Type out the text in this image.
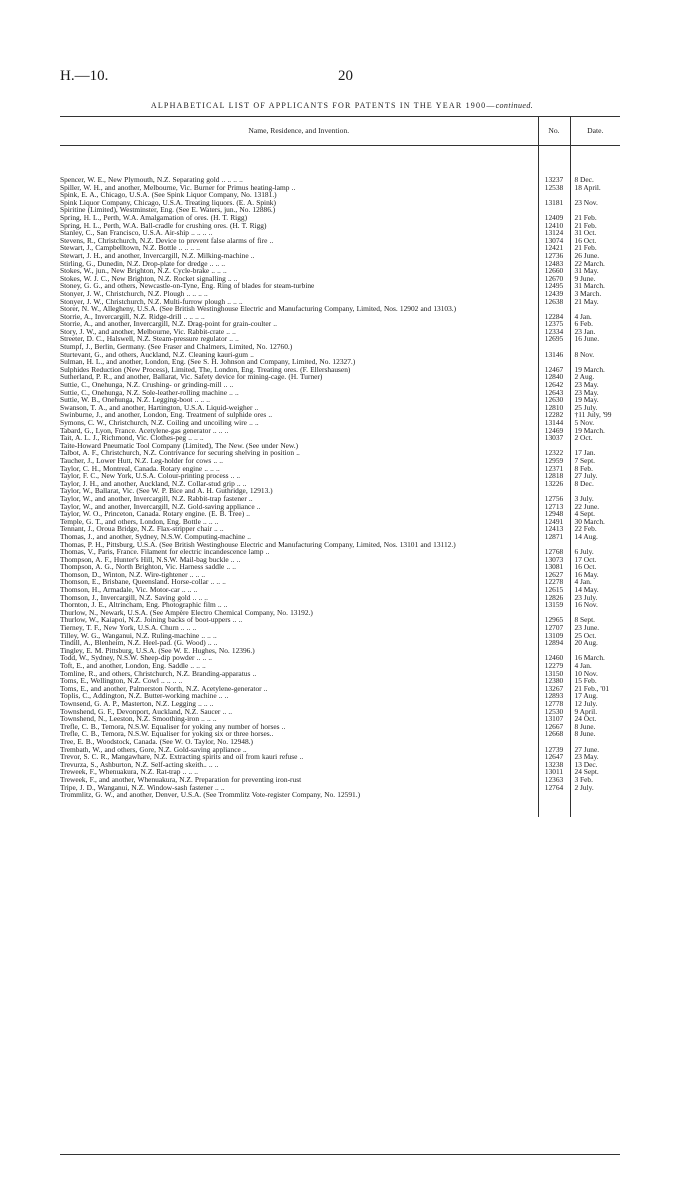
H.—10.	20
ALPHABETICAL LIST OF APPLICANTS FOR PATENTS IN THE YEAR 1900—continued.
Name, Residence, and Invention.	No.	Date.

Spencer, W. E., New Plymouth, N.Z. Separating gold .. .. .. ..	13237	8 Dec.
Spiller, W. H., and another, Melbourne, Vic. Burner for Primus heating-lamp ..	12538	18 April.
Spink, E. A., Chicago, U.S.A. (See Spink Liquor Company, No. 13181.)		
Spink Liquor Company, Chicago, U.S.A. Treating liquors. (E. A. Spink)	13181	23 Nov.
Spiritine (Limited), Westminster, Eng. (See E. Waters, jun., No. 12886.)		
Spring, H. L., Perth, W.A. Amalgamation of ores. (H. T. Rigg)	12409	21 Feb.
Spring, H. L., Perth, W.A. Ball-cradle for crushing ores. (H. T. Rigg)	12410	21 Feb.
Stanley, C., San Francisco, U.S.A. Air-ship .. .. .. ..	13124	31 Oct.
Stevens, R., Christchurch, N.Z. Device to prevent false alarms of fire ..	13074	16 Oct.
Stewart, J., Campbelltown, N.Z. Bottle .. .. .. ..	12421	21 Feb.
Stewart, J. H., and another, Invercargill, N.Z. Milking-machine ..	12736	26 June.
Stirling, G., Dunedin, N.Z. Drop-plate for dredge .. .. ..	12483	22 March.
Stokes, W., jun., New Brighton, N.Z. Cycle-brake .. .. ..	12660	31 May.
Stokes, W. J. C., New Brighton, N.Z. Rocket signalling .. ..	12670	9 June.
Stoney, G. G., and others, Newcastle-on-Tyne, Eng. Ring of blades for steam-turbine	12495	31 March.
Stonyer, J. W., Christchurch, N.Z. Plough .. .. .. ..	12439	3 March.
Stonyer, J. W., Christchurch, N.Z. Multi-furrow plough .. .. ..	12638	21 May.
Storer, N. W., Allegheny, U.S.A. (See British Westinghouse Electric and Manufacturing Company, Limited, Nos. 12902 and 13103.)		
Storrie, A., Invercargill, N.Z. Ridge-drill .. .. .. ..	12284	4 Jan.
Storrie, A., and another, Invercargill, N.Z. Drag-point for grain-coulter ..	12375	6 Feb.
Story, J. W., and another, Melbourne, Vic. Rabbit-crate .. ..	12334	23 Jan.
Streeter, D. C., Halswell, N.Z. Steam-pressure regulator .. ..	12695	16 June.
Stumpf, J., Berlin, Germany. (See Fraser and Chalmers, Limited, No. 12760.)		
Sturtevant, G., and others, Auckland, N.Z. Cleaning kauri-gum ..	13146	8 Nov.
Sulman, H. L., and another, London, Eng. (See S. H. Johnson and Company, Limited, No. 12327.)		
Sulphides Reduction (New Process), Limited, The, London, Eng. Treating ores. (F. Ellershausen)	12467	19 March.
Sutherland, P. R., and another, Ballarat, Vic. Safety device for mining-cage. (H. Turner)	12840	2 Aug.
Suttie, C., Onehunga, N.Z. Crushing- or grinding-mill .. ..	12642	23 May.
Suttie, C., Onehunga, N.Z. Sole-leather-rolling machine .. ..	12643	23 May.
Suttie, W. B., Onehunga, N.Z. Legging-boot .. .. ..	12630	19 May.
Swanson, T. A., and another, Hartington, U.S.A. Liquid-weigher ..	12810	25 July.
Swinburne, J., and another, London, Eng. Treatment of sulphide ores ..	12282	†11 July, '99
Symons, C. W., Christchurch, N.Z. Coiling and uncoiling wire .. ..	13144	5 Nov.
Tabard, G., Lyon, France. Acetylene-gas generator .. .. ..	12469	19 March.
Tait, A. L. J., Richmond, Vic. Clothes-peg .. .. ..	13037	2 Oct.
Taite-Howard Pneumatic Tool Company (Limited), The New. (See under New.)		
Talbot, A. F., Christchurch, N.Z. Contrivance for securing shelving in position ..	12322	17 Jan.
Taucher, J., Lower Hutt, N.Z. Leg-holder for cows .. ..	12959	7 Sept.
Taylor, C. H., Montreal, Canada. Rotary engine .. .. ..	12371	8 Feb.
Taylor, F. C., New York, U.S.A. Colour-printing process .. ..	12818	27 July.
Taylor, J. H., and another, Auckland, N.Z. Collar-stud grip .. ..	13226	8 Dec.
Taylor, W., Ballarat, Vic. (See W. P. Bice and A. H. Guthridge, 12913.)		
Taylor, W., and another, Invercargill, N.Z. Rabbit-trap fastener ..	12756	3 July.
Taylor, W., and another, Invercargill, N.Z. Gold-saving appliance ..	12713	22 June.
Taylor, W. O., Princeton, Canada. Rotary engine. (E. B. Tree) ..	12948	4 Sept.
Temple, G. T., and others, London, Eng. Bottle .. .. ..	12491	30 March.
Tennant, J., Oroua Bridge, N.Z. Flax-stripper chair .. ..	12413	22 Feb.
Thomas, J., and another, Sydney, N.S.W. Computing-machine ..	12871	14 Aug.
Thomas, P. H., Pittsburg, U.S.A. (See British Westinghouse Electric and Manufacturing Company, Limited, Nos. 13101 and 13112.)		
Thomas, V., Paris, France. Filament for electric incandescence lamp ..	12768	6 July.
Thompson, A. F., Hunter's Hill, N.S.W. Mail-bag buckle .. ..	13073	17 Oct.
Thompson, A. G., North Brighton, Vic. Harness saddle .. ..	13081	16 Oct.
Thomson, D., Winton, N.Z. Wire-tightener .. .. ..	12627	16 May.
Thomson, E., Brisbane, Queensland. Horse-collar .. .. ..	12278	4 Jan.
Thomson, H., Armadale, Vic. Motor-car .. .. ..	12615	14 May.
Thomson, J., Invercargill, N.Z. Saving gold .. .. ..	12826	23 July.
Thornton, J. E., Altrincham, Eng. Photographic film .. ..	13159	16 Nov.
Thurlow, N., Newark, U.S.A. (See Ampère Electro Chemical Company, No. 13192.)		
Thurlow, W., Kaiapoi, N.Z. Joining backs of boot-uppers .. ..	12965	8 Sept.
Tierney, T. F., New York, U.S.A. Churn .. .. ..	12707	23 June.
Tilley, W. G., Wanganui, N.Z. Ruling-machine .. .. ..	13109	25 Oct.
Tindill, A., Blenheim, N.Z. Heel-pad. (G. Wood) .. ..	12894	20 Aug.
Tingley, E. M. Pittsburg, U.S.A. (See W. E. Hughes, No. 12396.)		
Todd, W., Sydney, N.S.W. Sheep-dip powder .. .. ..	12460	16 March.
Toft, E., and another, London, Eng. Saddle .. .. ..	12279	4 Jan.
Tomline, R., and others, Christchurch, N.Z. Branding-apparatus ..	13150	10 Nov.
Toms, E., Wellington, N.Z. Cowl .. .. .. ..	12380	15 Feb.
Toms, E., and another, Palmerston North, N.Z. Acetylene-generator ..	13267	21 Feb., '01
Toplis, C., Addington, N.Z. Butter-working machine .. ..	12893	17 Aug.
Townsend, G. A. P., Masterton, N.Z. Legging .. .. ..	12778	12 July.
Townshend, G. F., Devonport, Auckland, N.Z. Saucer .. ..	12530	9 April.
Townshend, N., Leeston, N.Z. Smoothing-iron .. .. ..	13107	24 Oct.
Trefle, C. B., Temora, N.S.W. Equaliser for yoking any number of horses ..	12667	8 June.
Trefle, C. B., Temora, N.S.W. Equaliser for yoking six or three horses..	12668	8 June.
Tree, E. B., Woodstock, Canada. (See W. O. Taylor, No. 12948.)		
Trembath, W., and others, Gore, N.Z. Gold-saving appliance ..	12739	27 June.
Trevor, S. C. R., Mangawhare, N.Z. Extracting spirits and oil from kauri refuse ..	12647	23 May.
Trevurza, S., Ashburton, N.Z. Self-acting skeith.. .. ..	13238	13 Dec.
Treweek, F., Whenuakura, N.Z. Rat-trap .. .. ..	13011	24 Sept.
Treweek, F., and another, Whenuakura, N.Z. Preparation for preventing iron-rust	12363	3 Feb.
Tripe, J. D., Wanganui, N.Z. Window-sash fastener .. ..	12764	2 July.
Trommlitz, G. W., and another, Denver, U.S.A. (See Trommlitz Vote-register Company, No. 12591.)		
